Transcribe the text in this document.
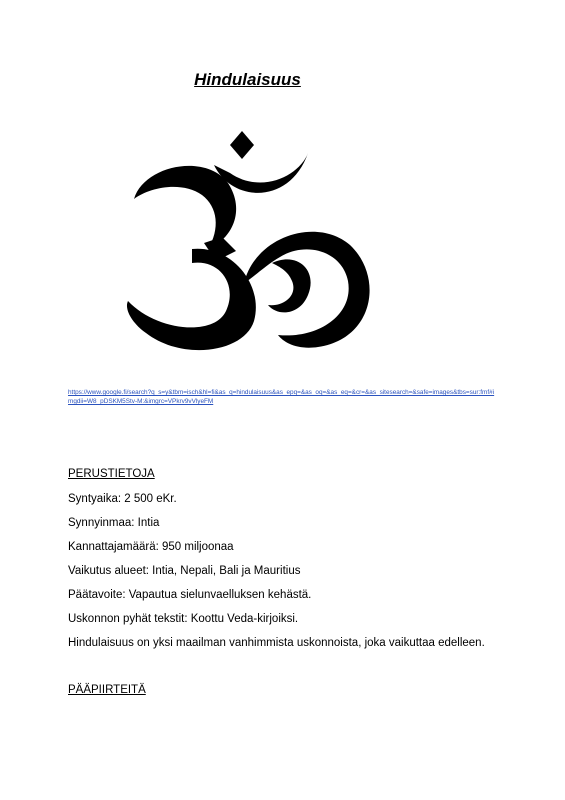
Hindulaisuus
https://www.google.fi/search?q_s=y&tbm=isch&hl=fi&as_q=hindulaisuus&as_epq=&as_oq=&as_eq=&cr=&as_sitesearch=&safe=images&tbs=sur:fmf#imgdii=W8_pDSKM5Stv-M:&imgrc=VPkrv9vVlyeFM
PERUSTIETOJA
Syntyaika: 2 500 eKr.
Synnyinmaa: Intia
Kannattajamäärä: 950 miljoonaa
Vaikutus alueet: Intia, Nepali, Bali ja Mauritius
Päätavoite: Vapautua sielunvaelluksen kehästä.
Uskonnon pyhät tekstit: Koottu Veda-kirjoiksi.
Hindulaisuus on yksi maailman vanhimmista uskonnoista, joka vaikuttaa edelleen.
PÄÄPIIRTEITÄ
